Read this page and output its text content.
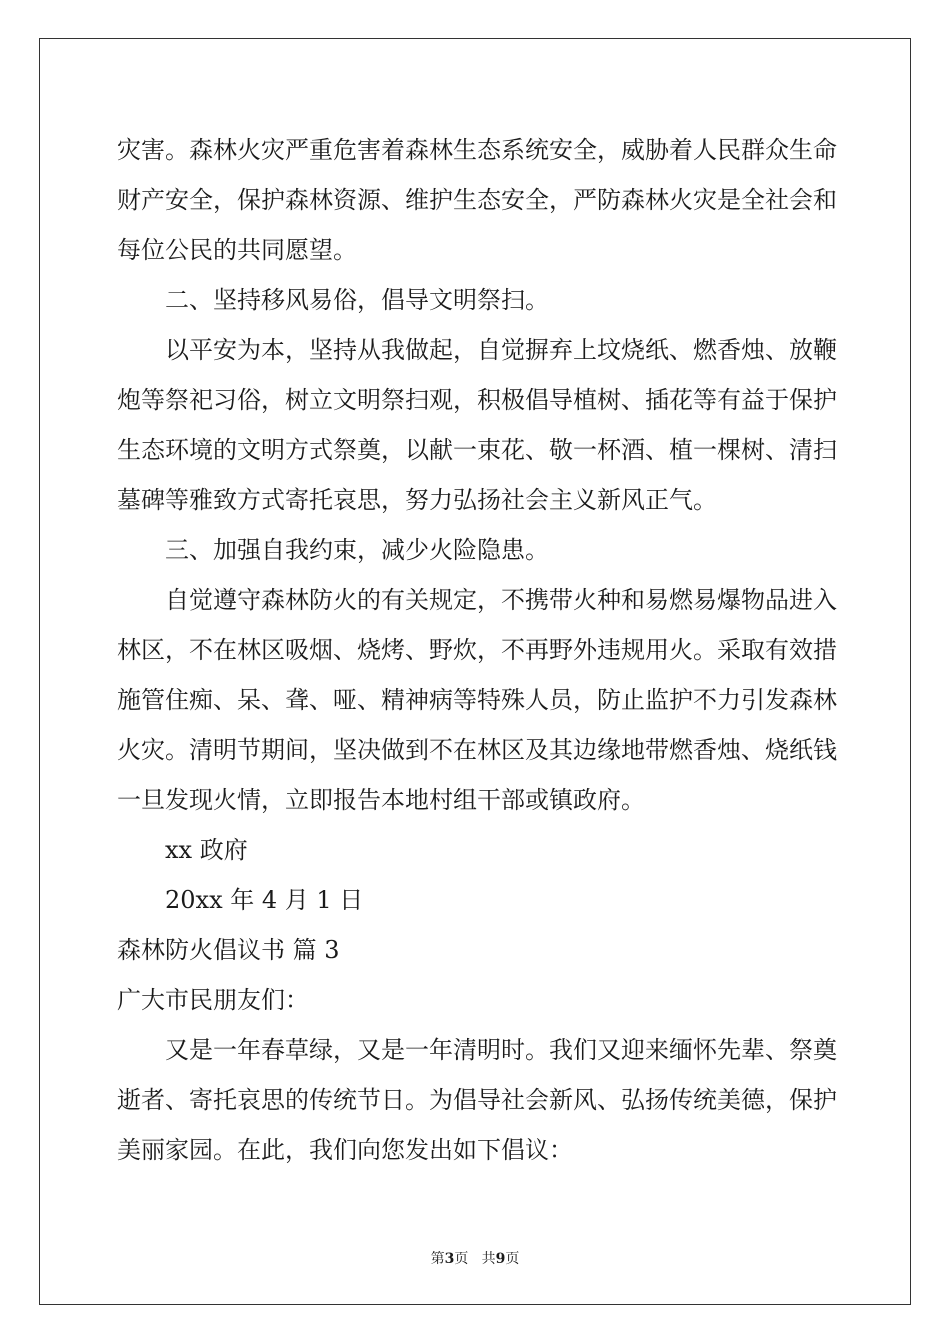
灾害。森林火灾严重危害着森林生态系统安全，威胁着人民群众生命
财产安全，保护森林资源、维护生态安全，严防森林火灾是全社会和
每位公民的共同愿望。
二、坚持移风易俗，倡导文明祭扫。
以平安为本，坚持从我做起，自觉摒弃上坟烧纸、燃香烛、放鞭
炮等祭祀习俗，树立文明祭扫观，积极倡导植树、插花等有益于保护
生态环境的文明方式祭奠，以献一束花、敬一杯酒、植一棵树、清扫
墓碑等雅致方式寄托哀思，努力弘扬社会主义新风正气。
三、加强自我约束，减少火险隐患。
自觉遵守森林防火的有关规定，不携带火种和易燃易爆物品进入
林区，不在林区吸烟、烧烤、野炊，不再野外违规用火。采取有效措
施管住痴、呆、聋、哑、精神病等特殊人员，防止监护不力引发森林
火灾。清明节期间，坚决做到不在林区及其边缘地带燃香烛、烧纸钱
一旦发现火情，立即报告本地村组干部或镇政府。
xx 政府
20xx 年 4 月 1 日
森林防火倡议书 篇 3
广大市民朋友们：
又是一年春草绿，又是一年清明时。我们又迎来缅怀先辈、祭奠
逝者、寄托哀思的传统节日。为倡导社会新风、弘扬传统美德，保护
美丽家园。在此，我们向您发出如下倡议：
第3页 共9页
